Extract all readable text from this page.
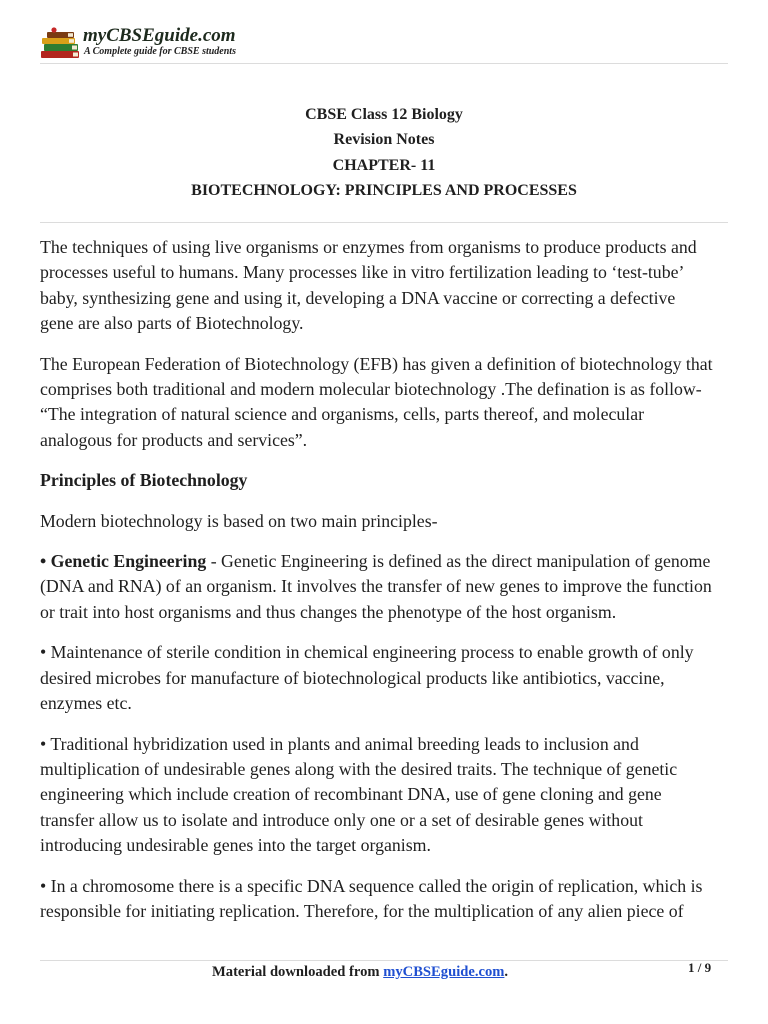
myCBSEguide.com
A Complete guide for CBSE students
CBSE Class 12 Biology
Revision Notes
CHAPTER- 11
BIOTECHNOLOGY: PRINCIPLES AND PROCESSES

The techniques of using live organisms or enzymes from organisms to produce products and
processes useful to humans. Many processes like in vitro fertilization leading to ‘test-tube’
baby, synthesizing gene and using it, developing a DNA vaccine or correcting a defective
gene are also parts of Biotechnology.

The European Federation of Biotechnology (EFB) has given a definition of biotechnology that
comprises both traditional and modern molecular biotechnology .The defination is as follow-
“The integration of natural science and organisms, cells, parts thereof, and molecular
analogous for products and services”.

Principles of Biotechnology

Modern biotechnology is based on two main principles-

• Genetic Engineering - Genetic Engineering is defined as the direct manipulation of genome
(DNA and RNA) of an organism. It involves the transfer of new genes to improve the function
or trait into host organisms and thus changes the phenotype of the host organism.

• Maintenance of sterile condition in chemical engineering process to enable growth of only
desired microbes for manufacture of biotechnological products like antibiotics, vaccine,
enzymes etc.

• Traditional hybridization used in plants and animal breeding leads to inclusion and
multiplication of undesirable genes along with the desired traits. The technique of genetic
engineering which include creation of recombinant DNA, use of gene cloning and gene
transfer allow us to isolate and introduce only one or a set of desirable genes without
introducing undesirable genes into the target organism.

• In a chromosome there is a specific DNA sequence called the origin of replication, which is
responsible for initiating replication. Therefore, for the multiplication of any alien piece of

Material downloaded from myCBSEguide.com.	1 / 9
